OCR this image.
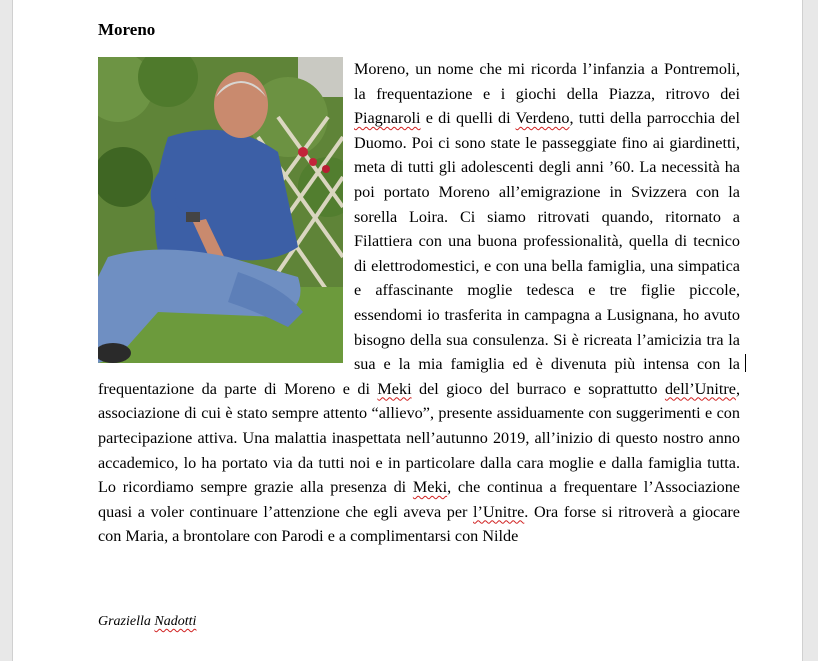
Moreno

Moreno, un nome che mi ricorda l’infanzia a Pontremoli, la frequentazione e i giochi della Piazza, ritrovo dei Piagnaroli e di quelli di Verdeno, tutti della parrocchia del Duomo. Poi ci sono state le passeggiate fino ai giardinetti, meta di tutti gli adolescenti degli anni ’60. La necessità ha poi portato Moreno all’emigrazione in Svizzera con la sorella Loira. Ci siamo ritrovati quando, ritornato a Filattiera con una buona professionalità, quella di tecnico di elettrodomestici, e con una bella famiglia, una simpatica e affascinante moglie tedesca e tre figlie piccole, essendomi io trasferita in campagna a Lusignana, ho avuto bisogno della sua consulenza. Si è ricreata l’amicizia tra la sua e la mia famiglia ed è divenuta più intensa con la frequentazione da parte di Moreno e di Meki del gioco del burraco e soprattutto dell’Unitre, associazione di cui è stato sempre attento “allievo”, presente assiduamente con suggerimenti e con partecipazione attiva. Una malattia inaspettata nell’autunno 2019, all’inizio di questo nostro anno accademico, lo ha portato via da tutti noi e in particolare dalla cara moglie e dalla famiglia tutta. Lo ricordiamo sempre grazie alla presenza di Meki, che continua a frequentare l’Associazione quasi a voler continuare l’attenzione che egli aveva per l’Unitre. Ora forse si ritroverà a giocare con Maria, a brontolare con Parodi e a complimentarsi con Nilde

Graziella Nadotti
